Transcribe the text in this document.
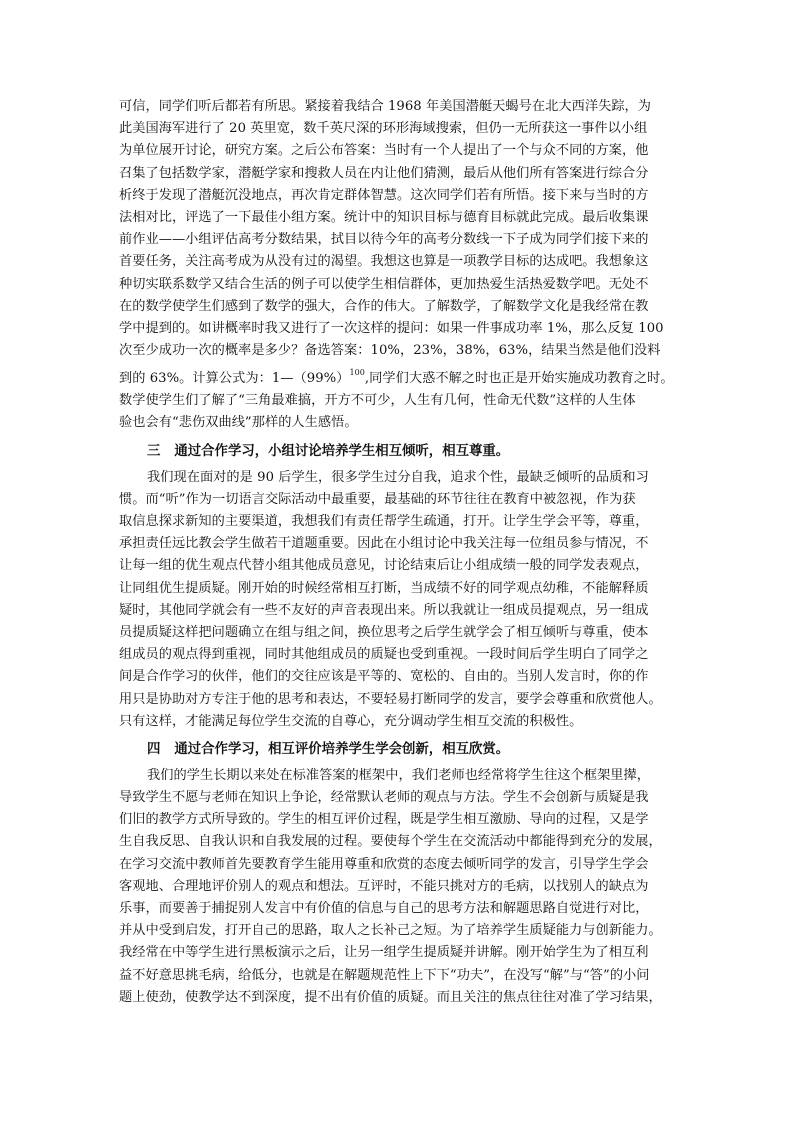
可信，同学们听后都若有所思。紧接着我结合 1968 年美国潜艇天蝎号在北大西洋失踪，为
此美国海军进行了 20 英里宽，数千英尺深的环形海域搜索，但仍一无所获这一事件以小组
为单位展开讨论，研究方案。之后公布答案：当时有一个人提出了一个与众不同的方案，他
召集了包括数学家，潜艇学家和搜救人员在内让他们猜测，最后从他们所有答案进行综合分
析终于发现了潜艇沉没地点，再次肯定群体智慧。这次同学们若有所悟。接下来与当时的方
法相对比，评选了一下最佳小组方案。统计中的知识目标与德育目标就此完成。最后收集课
前作业——小组评估高考分数结果，拭目以待今年的高考分数线一下子成为同学们接下来的
首要任务，关注高考成为从没有过的渴望。我想这也算是一项教学目标的达成吧。我想象这
种切实联系数学又结合生活的例子可以使学生相信群体，更加热爱生活热爱数学吧。无处不
在的数学使学生们感到了数学的强大，合作的伟大。了解数学，了解数学文化是我经常在教
学中提到的。如讲概率时我又进行了一次这样的提问：如果一件事成功率 1%，那么反复 100
次至少成功一次的概率是多少？备选答案：10%，23%，38%，63%，结果当然是他们没料
到的 63%。计算公式为：$1—(99\%)^{100}$,同学们大惑不解之时也正是开始实施成功教育之时。
数学使学生们了解了“三角最难搞，开方不可少，人生有几何，性命无代数”这样的人生体
验也会有“悲伤双曲线”那样的人生感悟。
三 通过合作学习，小组讨论培养学生相互倾听，相互尊重。
我们现在面对的是 90 后学生，很多学生过分自我，追求个性，最缺乏倾听的品质和习
惯。而“听”作为一切语言交际活动中最重要，最基础的环节往往在教育中被忽视，作为获
取信息探求新知的主要渠道，我想我们有责任帮学生疏通，打开。让学生学会平等，尊重，
承担责任远比教会学生做若干道题重要。因此在小组讨论中我关注每一位组员参与情况，不
让每一组的优生观点代替小组其他成员意见，讨论结束后让小组成绩一般的同学发表观点，
让同组优生提质疑。刚开始的时候经常相互打断，当成绩不好的同学观点幼稚，不能解释质
疑时，其他同学就会有一些不友好的声音表现出来。所以我就让一组成员提观点，另一组成
员提质疑这样把问题确立在组与组之间，换位思考之后学生就学会了相互倾听与尊重，使本
组成员的观点得到重视，同时其他组成员的质疑也受到重视。一段时间后学生明白了同学之
间是合作学习的伙伴，他们的交往应该是平等的、宽松的、自由的。当别人发言时，你的作
用只是协助对方专注于他的思考和表达，不要轻易打断同学的发言，要学会尊重和欣赏他人。
只有这样，才能满足每位学生交流的自尊心，充分调动学生相互交流的积极性。
四 通过合作学习，相互评价培养学生学会创新，相互欣赏。
我们的学生长期以来处在标准答案的框架中，我们老师也经常将学生往这个框架里撵，
导致学生不愿与老师在知识上争论，经常默认老师的观点与方法。学生不会创新与质疑是我
们旧的教学方式所导致的。学生的相互评价过程，既是学生相互激励、导向的过程，又是学
生自我反思、自我认识和自我发展的过程。要使每个学生在交流活动中都能得到充分的发展，
在学习交流中教师首先要教育学生能用尊重和欣赏的态度去倾听同学的发言，引导学生学会
客观地、合理地评价别人的观点和想法。互评时，不能只挑对方的毛病，以找别人的缺点为
乐事，而要善于捕捉别人发言中有价值的信息与自己的思考方法和解题思路自觉进行对比，
并从中受到启发，打开自己的思路，取人之长补己之短。为了培养学生质疑能力与创新能力。
我经常在中等学生进行黑板演示之后，让另一组学生提质疑并讲解。刚开始学生为了相互利
益不好意思挑毛病，给低分，也就是在解题规范性上下下“功夫”，在没写“解”与“答”的小问
题上使劲，使教学达不到深度，提不出有价值的质疑。而且关注的焦点往往对准了学习结果，
